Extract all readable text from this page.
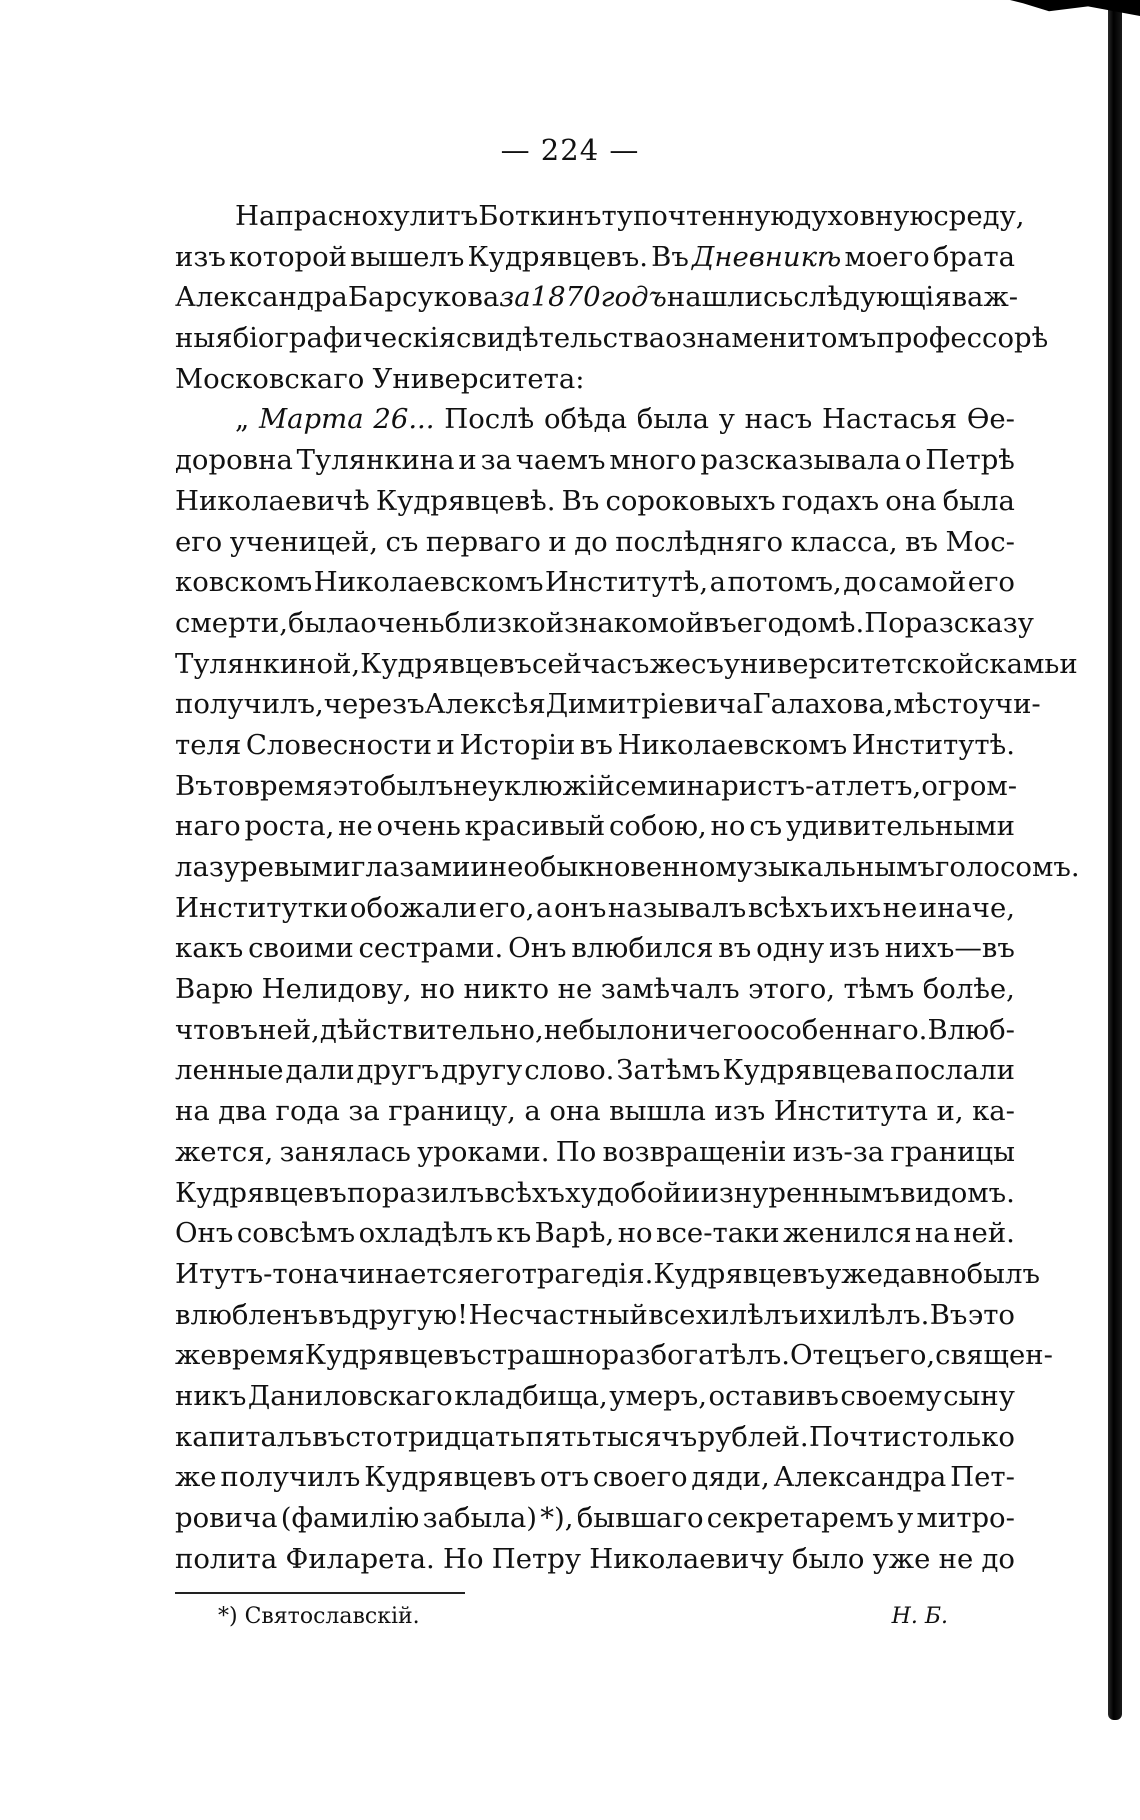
— 224 —
Напрасно хулитъ Боткинъ ту почтенную духовную среду,
изъ которой вышелъ Кудрявцевъ. Въ Дневникѣ моего брата
Александра Барсукова за 1870 годъ нашлись слѣдующія важ-
ныя біографическія свидѣтельства о знаменитомъ профессорѣ
Московскаго Университета:
„ Марта 26... Послѣ обѣда была у насъ Настасья Ѳе-
доровна Тулянкина и за чаемъ много разсказывала о Петрѣ
Николаевичѣ Кудрявцевѣ. Въ сороковыхъ годахъ она была
его ученицей, съ перваго и до послѣдняго класса, въ Мос-
ковскомъ Николаевскомъ Институтѣ, а потомъ, до самой его
смерти, была очень близкой знакомой въ его домѣ. По разсказу
Тулянкиной, Кудрявцевъ сейчасъ же съ университетской скамьи
получилъ, черезъ Алексѣя Димитріевича Галахова, мѣсто учи-
теля Словесности и Исторіи въ Николаевскомъ Институтѣ.
Въ то время это былъ неуклюжій семинаристъ-атлетъ, огром-
наго роста, не очень красивый собою, но съ удивительными
лазуревыми глазами и необыкновенно музыкальнымъ голосомъ.
Институтки обожали его, а онъ называлъ всѣхъ ихъ не иначе,
какъ своими сестрами. Онъ влюбился въ одну изъ нихъ—въ
Варю Нелидову, но никто не замѣчалъ этого, тѣмъ болѣе,
что въ ней, дѣйствительно, не было ничего особеннаго. Влюб-
ленные дали другъ другу слово. Затѣмъ Кудрявцева послали
на два года за границу, а она вышла изъ Института и, ка-
жется, занялась уроками. По возвращеніи изъ-за границы
Кудрявцевъ поразилъ всѣхъ худобой и изнуреннымъ видомъ.
Онъ совсѣмъ охладѣлъ къ Варѣ, но все-таки женился на ней.
И тутъ-то начинается его трагедія. Кудрявцевъ уже давно былъ
влюбленъ въ другую! Несчастный все хилѣлъ и хилѣлъ. Въ это
же время Кудрявцевъ страшно разбогатѣлъ. Отецъ его, священ-
никъ Даниловскаго кладбища, умеръ, оставивъ своему сыну
капиталъ въ сто тридцать пять тысячъ рублей. Почти столько
же получилъ Кудрявцевъ отъ своего дяди, Александра Пет-
ровича (фамилію забыла) *), бывшаго секретаремъ у митро-
полита Филарета. Но Петру Николаевичу было уже не до
*) Святославскій.	Н. Б.
